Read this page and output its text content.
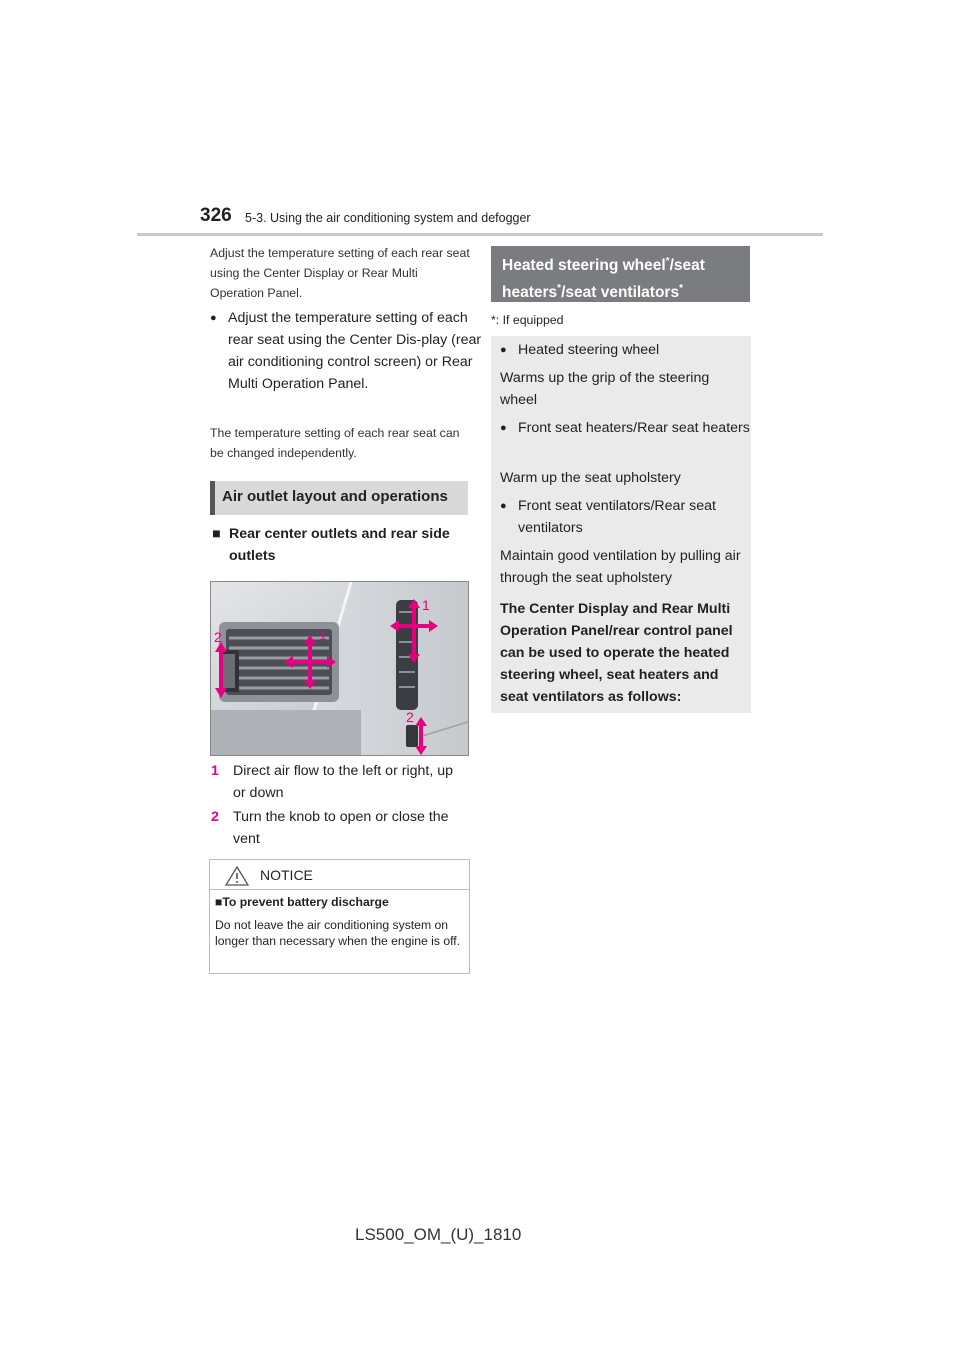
326 5-3. Using the air conditioning system and defogger
Adjust the temperature setting of each rear seat using the Center Display or Rear Multi Operation Panel.
● Adjust the temperature setting of each rear seat using the Center Dis-play (rear air conditioning control screen) or Rear Multi Operation Panel.
The temperature setting of each rear seat can be changed independently.
Air outlet layout and operations
■ Rear center outlets and rear side outlets
2	1
1
2
1 Direct air flow to the left or right, up or down
2 Turn the knob to open or close the vent
NOTICE
■To prevent battery discharge
Do not leave the air conditioning system on longer than necessary when the engine is off.
Heated steering wheel*/seat heaters*/seat ventilators*
*: If equipped
● Heated steering wheel
Warms up the grip of the steering wheel
● Front seat heaters/Rear seat heaters
Warm up the seat upholstery
● Front seat ventilators/Rear seat ventilators
Maintain good ventilation by pulling air through the seat upholstery
The Center Display and Rear Multi Operation Panel/rear control panel can be used to operate the heated steering wheel, seat heaters and seat ventilators as follows:
LS500_OM_(U)_1810
